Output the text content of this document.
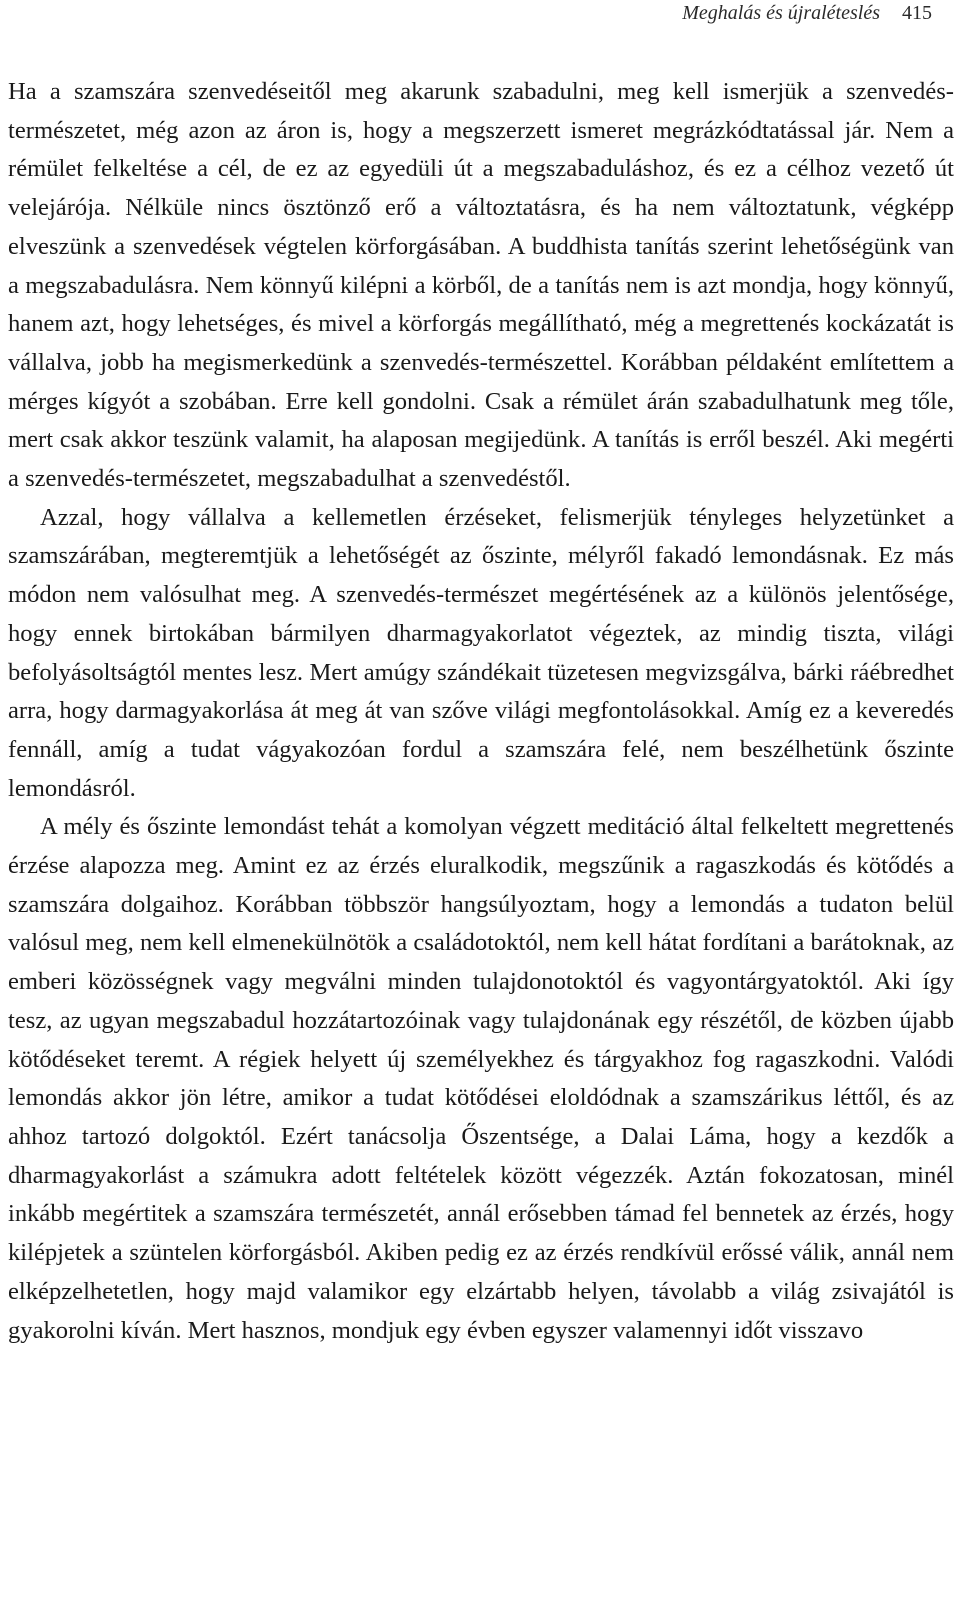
Meghalás és újraléteslés 415

Ha a szamszára szenvedéseitől meg akarunk szabadulni, meg kell ismerjük a szenvedés-természetet, még azon az áron is, hogy a megszerzett ismeret megrázkódtatással jár. Nem a rémület felkeltése a cél, de ez az egyedüli út a megszabaduláshoz, és ez a célhoz vezető út velejárója. Nélküle nincs ösztönző erő a változtatásra, és ha nem változtatunk, végképp elveszünk a szenvedések végtelen körforgásában. A buddhista tanítás szerint lehetőségünk van a megszabadulásra. Nem könnyű kilépni a körből, de a tanítás nem is azt mondja, hogy könnyű, hanem azt, hogy lehetséges, és mivel a körforgás megállítható, még a megrettenés kockázatát is vállalva, jobb ha megismerkedünk a szenvedés-természettel. Korábban példaként említettem a mérges kígyót a szobában. Erre kell gondolni. Csak a rémület árán szabadulhatunk meg tőle, mert csak akkor teszünk valamit, ha alaposan megijedünk. A tanítás is erről beszél. Aki megérti a szenvedés-természetet, megszabadulhat a szenvedéstől.

Azzal, hogy vállalva a kellemetlen érzéseket, felismerjük tényleges helyzetünket a szamszárában, megteremtjük a lehetőségét az őszinte, mélyről fakadó lemondásnak. Ez más módon nem valósulhat meg. A szenvedés-természet megértésének az a különös jelentősége, hogy ennek birtokában bármilyen dharmagyakorlatot végeztek, az mindig tiszta, világi befolyásoltságtól mentes lesz. Mert amúgy szándékait tüzetesen megvizsgálva, bárki ráébredhet arra, hogy darmagyakorlása át meg át van szőve világi megfontolásokkal. Amíg ez a keveredés fennáll, amíg a tudat vágyakozóan fordul a szamszára felé, nem beszélhetünk őszinte lemondásról.

A mély és őszinte lemondást tehát a komolyan végzett meditáció által felkeltett megrettenés érzése alapozza meg. Amint ez az érzés eluralkodik, megszűnik a ragaszkodás és kötődés a szamszára dolgaihoz. Korábban többször hangsúlyoztam, hogy a lemondás a tudaton belül valósul meg, nem kell elmenekülnötök a családotoktól, nem kell hátat fordítani a barátoknak, az emberi közösségnek vagy megválni minden tulajdonotoktól és vagyontárgyatoktól. Aki így tesz, az ugyan megszabadul hozzátartozóinak vagy tulajdonának egy részétől, de közben újabb kötődéseket teremt. A régiek helyett új személyekhez és tárgyakhoz fog ragaszkodni. Valódi lemondás akkor jön létre, amikor a tudat kötődései eloldódnak a szamszárikus léttől, és az ahhoz tartozó dolgoktól. Ezért tanácsolja Őszentsége, a Dalai Láma, hogy a kezdők a dharmagyakorlást a számukra adott feltételek között végezzék. Aztán fokozatosan, minél inkább megértitek a szamszára természetét, annál erősebben támad fel bennetek az érzés, hogy kilépjetek a szüntelen körforgásból. Akiben pedig ez az érzés rendkívül erőssé válik, annál nem elképzelhetetlen, hogy majd valamikor egy elzártabb helyen, távolabb a világ zsivajától is gyakorolni kíván. Mert hasznos, mondjuk egy évben egyszer valamennyi időt visszavo
